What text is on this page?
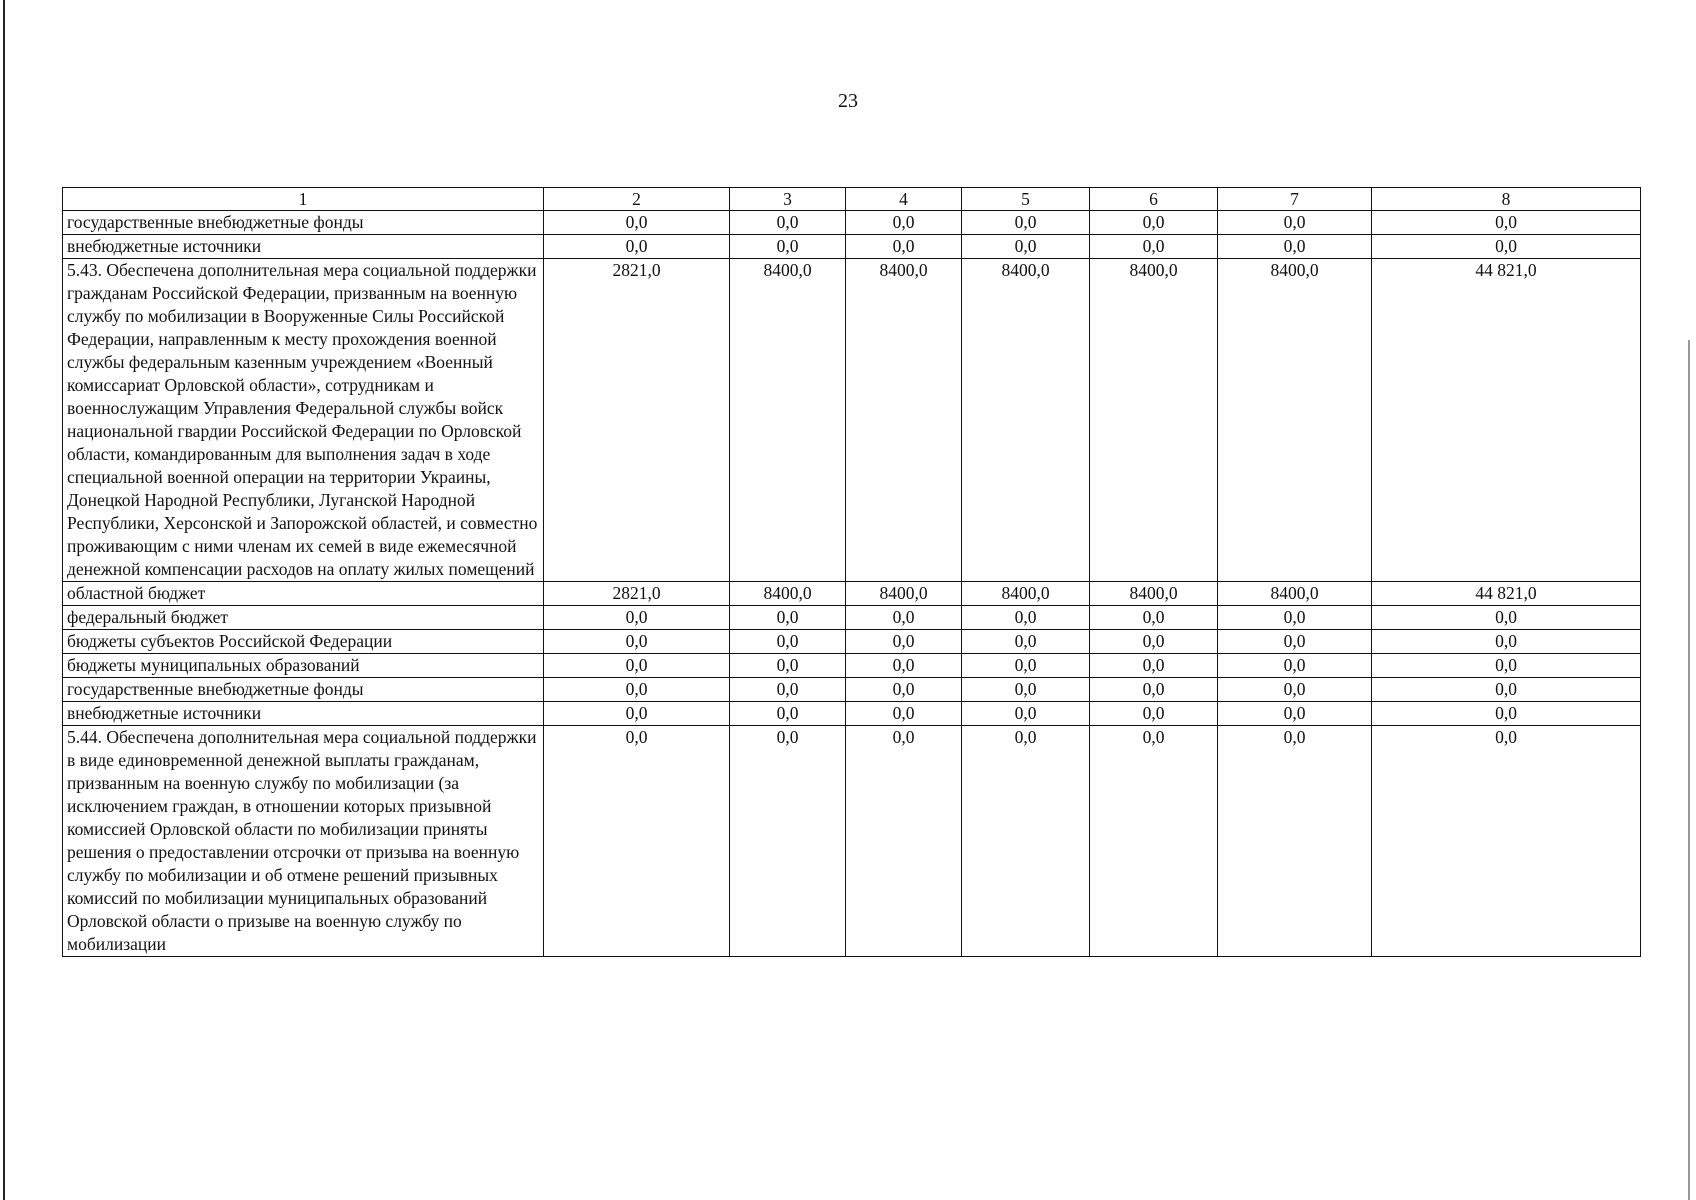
23
1	2	3	4	5	6	7	8
государственные внебюджетные фонды	0,0	0,0	0,0	0,0	0,0	0,0	0,0
внебюджетные источники	0,0	0,0	0,0	0,0	0,0	0,0	0,0
5.43. Обеспечена дополнительная мера социальной поддержки гражданам Российской Федерации, призванным на военную службу по мобилизации в Вооруженные Силы Российской Федерации, направленным к месту прохождения военной службы федеральным казенным учреждением «Военный комиссариат Орловской области», сотрудникам и военнослужащим Управления Федеральной службы войск национальной гвардии Российской Федерации по Орловской области, командированным для выполнения задач в ходе специальной военной операции на территории Украины, Донецкой Народной Республики, Луганской Народной Республики, Херсонской и Запорожской областей, и совместно проживающим с ними членам их семей в виде ежемесячной денежной компенсации расходов на оплату жилых помещений	2821,0	8400,0	8400,0	8400,0	8400,0	8400,0	44 821,0
областной бюджет	2821,0	8400,0	8400,0	8400,0	8400,0	8400,0	44 821,0
федеральный бюджет	0,0	0,0	0,0	0,0	0,0	0,0	0,0
бюджеты субъектов Российской Федерации	0,0	0,0	0,0	0,0	0,0	0,0	0,0
бюджеты муниципальных образований	0,0	0,0	0,0	0,0	0,0	0,0	0,0
государственные внебюджетные фонды	0,0	0,0	0,0	0,0	0,0	0,0	0,0
внебюджетные источники	0,0	0,0	0,0	0,0	0,0	0,0	0,0
5.44. Обеспечена дополнительная мера социальной поддержки в виде единовременной денежной выплаты гражданам, призванным на военную службу по мобилизации (за исключением граждан, в отношении которых призывной комиссией Орловской области по мобилизации приняты решения о предоставлении отсрочки от призыва на военную службу по мобилизации и об отмене решений призывных комиссий по мобилизации муниципальных образований Орловской области о призыве на военную службу по мобилизации	0,0	0,0	0,0	0,0	0,0	0,0	0,0
